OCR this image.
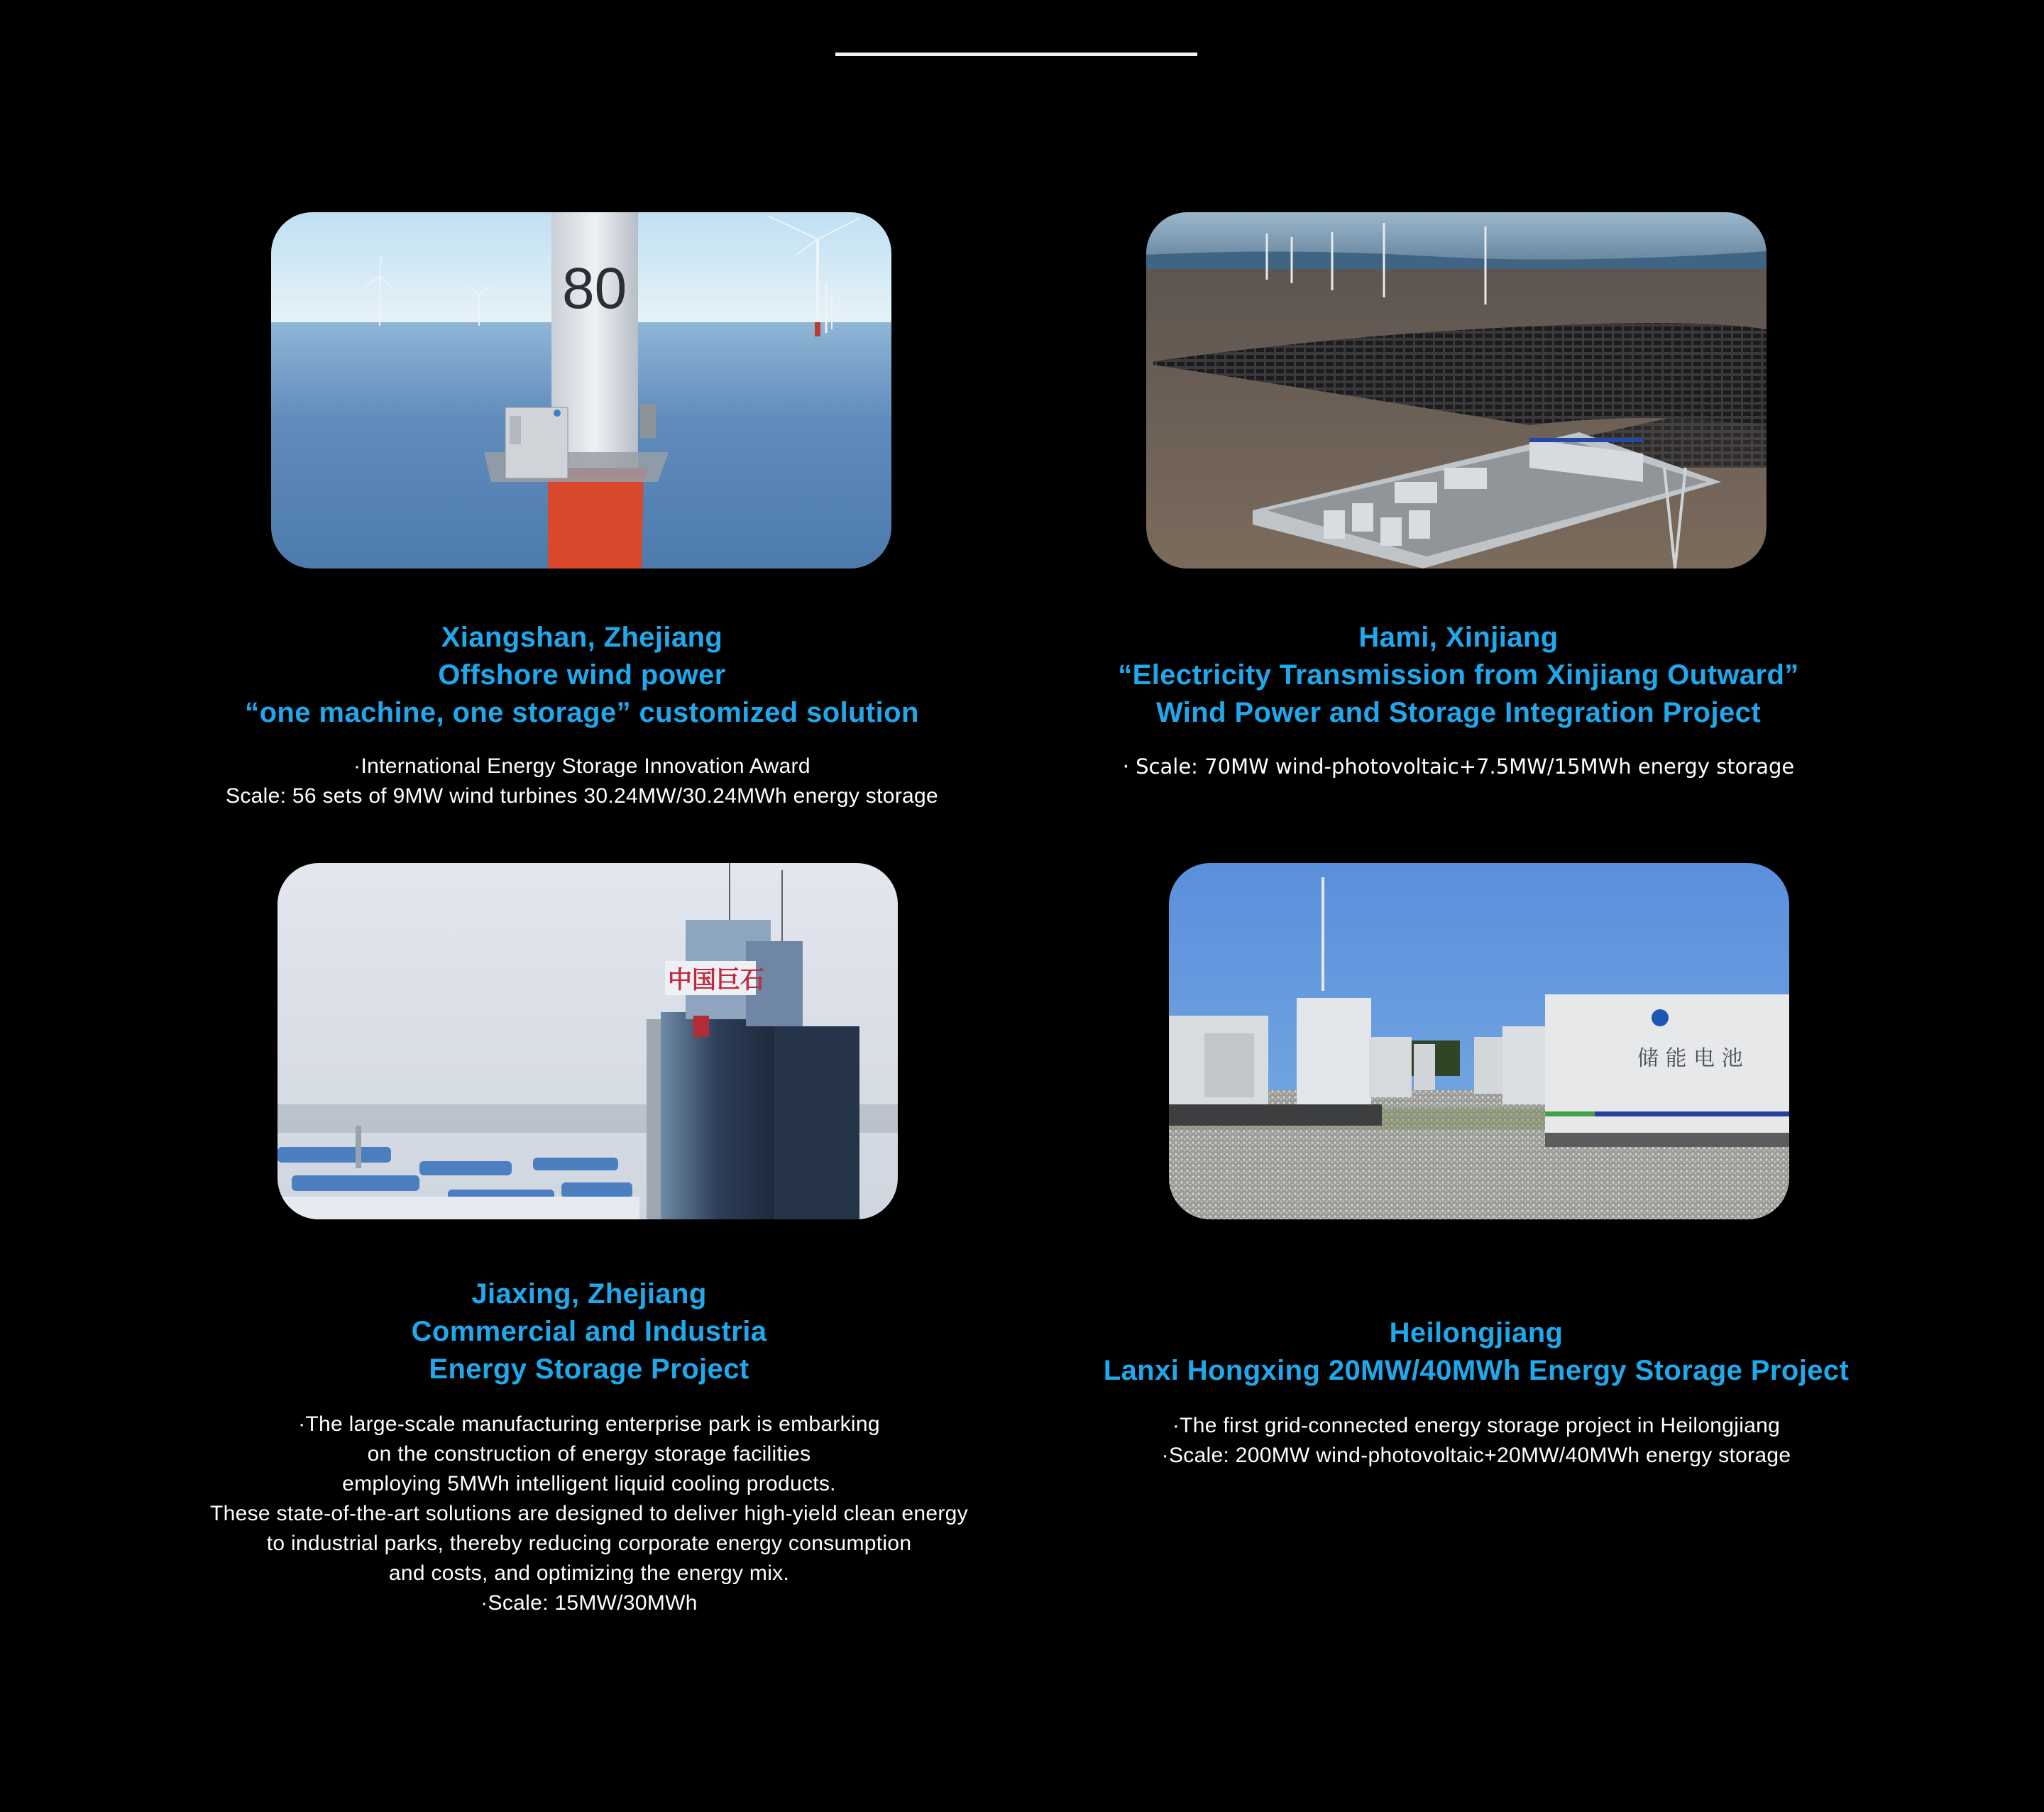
80
Xiangshan, Zhejiang
Offshore wind power
“one machine, one storage” customized solution
·International Energy Storage Innovation Award
Scale: 56 sets of 9MW wind turbines 30.24MW/30.24MWh energy storage
Hami, Xinjiang
“Electricity Transmission from Xinjiang Outward”
Wind Power and Storage Integration Project
· Scale: 70MW wind-photovoltaic+7.5MW/15MWh energy storage
中国巨石
Jiaxing, Zhejiang
Commercial and Industria
Energy Storage Project
·The large-scale manufacturing enterprise park is embarking
on the construction of energy storage facilities
employing 5MWh intelligent liquid cooling products.
These state-of-the-art solutions are designed to deliver high-yield clean energy
to industrial parks, thereby reducing corporate energy consumption
and costs, and optimizing the energy mix.
·Scale: 15MW/30MWh
储 能 电 池
Heilongjiang
Lanxi Hongxing 20MW/40MWh Energy Storage Project
·The first grid-connected energy storage project in Heilongjiang
·Scale: 200MW wind-photovoltaic+20MW/40MWh energy storage
